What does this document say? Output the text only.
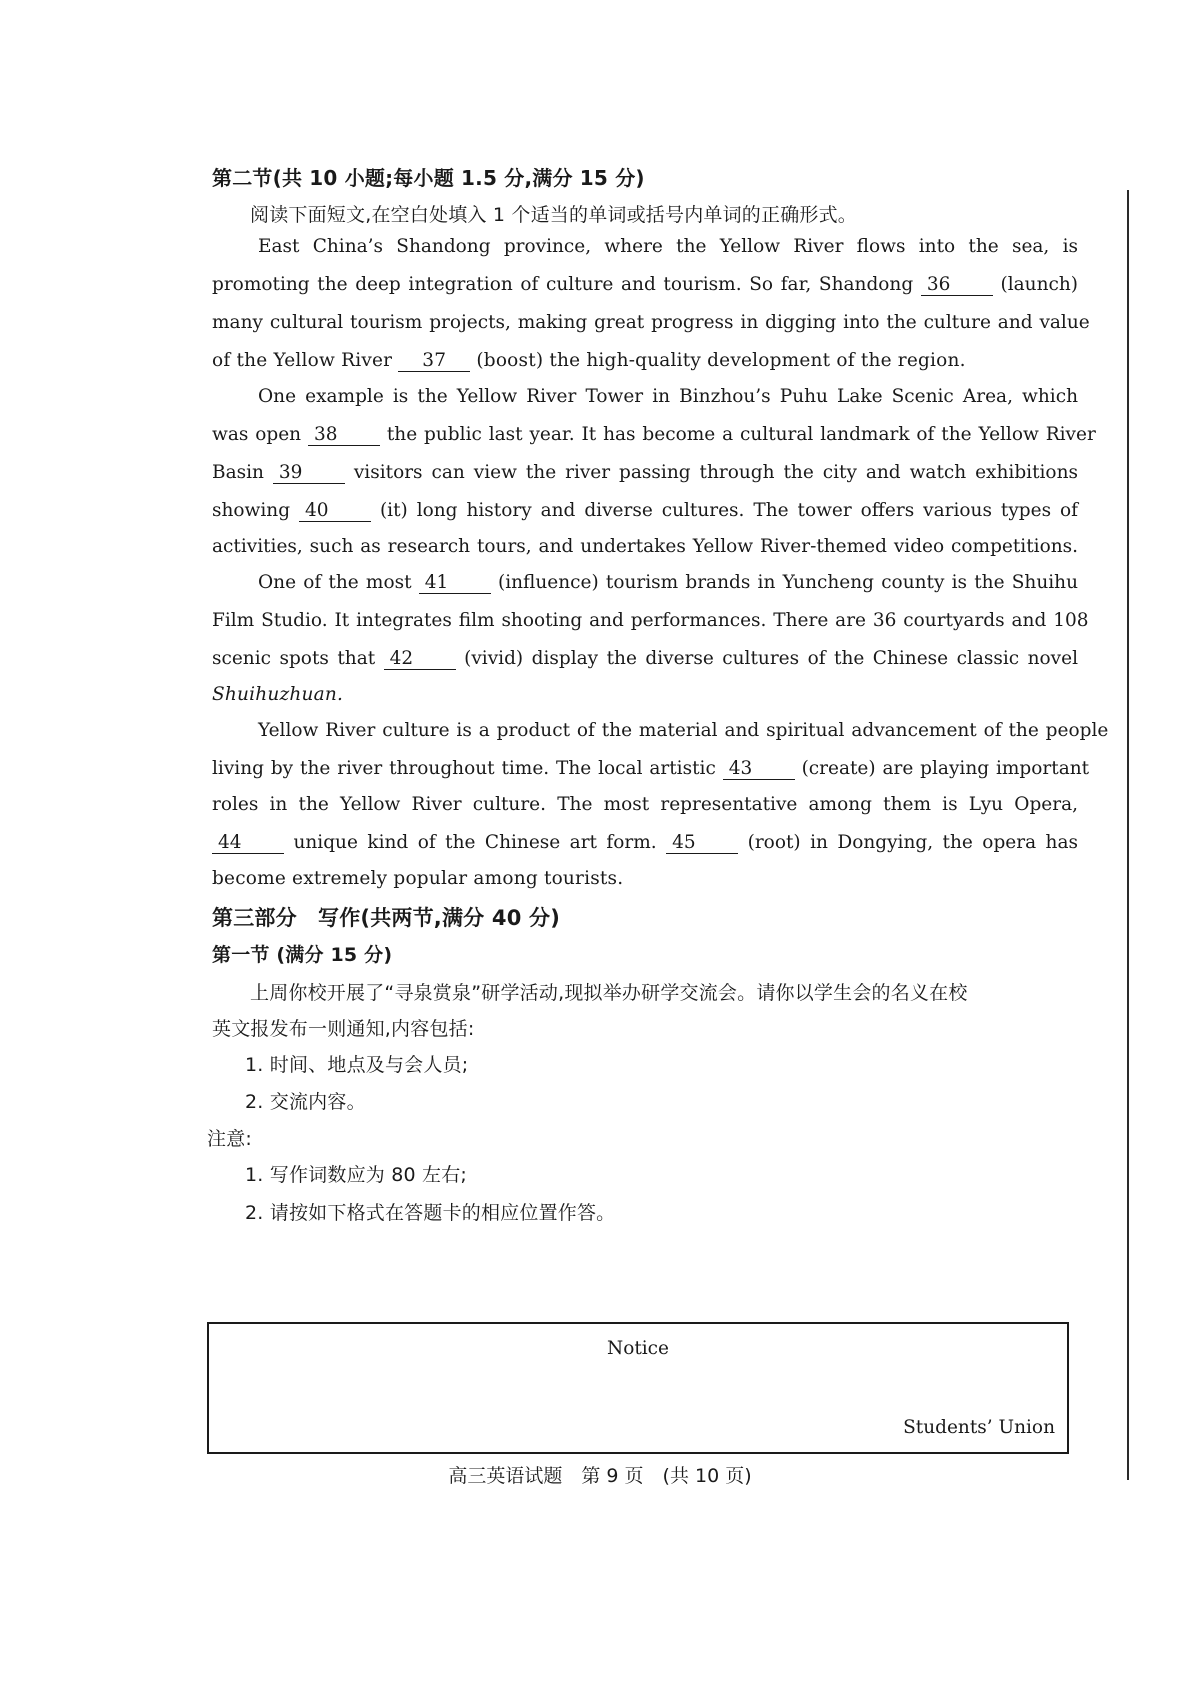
第二节(共 10 小题;每小题 1.5 分,满分 15 分)
阅读下面短文,在空白处填入 1 个适当的单词或括号内单词的正确形式。
East China’s Shandong province, where the Yellow River flows into the sea, is
promoting the deep integration of culture and tourism. So far, Shandong 36	(launch)
many cultural tourism projects, making great progress in digging into the culture and value
of the Yellow River 37 (boost) the high-quality development of the region.
One example is the Yellow River Tower in Binzhou’s Puhu Lake Scenic Area, which
was open 38	the public last year. It has become a cultural landmark of the Yellow River
Basin 39	visitors can view the river passing through the city and watch exhibitions
showing 40	(it) long history and diverse cultures. The tower offers various types of
activities, such as research tours, and undertakes Yellow River-themed video competitions.
One of the most 41	(influence) tourism brands in Yuncheng county is the Shuihu
Film Studio. It integrates film shooting and performances. There are 36 courtyards and 108
scenic spots that 42	(vivid) display the diverse cultures of the Chinese classic novel
Shuihuzhuan.
Yellow River culture is a product of the material and spiritual advancement of the people
living by the river throughout time. The local artistic 43	(create) are playing important
roles in the Yellow River culture. The most representative among them is Lyu Opera,
44	unique kind of the Chinese art form. 45	(root) in Dongying, the opera has
become extremely popular among tourists.
第三部分　写作(共两节,满分 40 分)
第一节 (满分 15 分)
上周你校开展了“寻泉赏泉”研学活动,现拟举办研学交流会。请你以学生会的名义在校
英文报发布一则通知,内容包括:
1. 时间、地点及与会人员;
2. 交流内容。
注意:
1. 写作词数应为 80 左右;
2. 请按如下格式在答题卡的相应位置作答。
Notice
Students’ Union
高三英语试题　第 9 页　(共 10 页)
